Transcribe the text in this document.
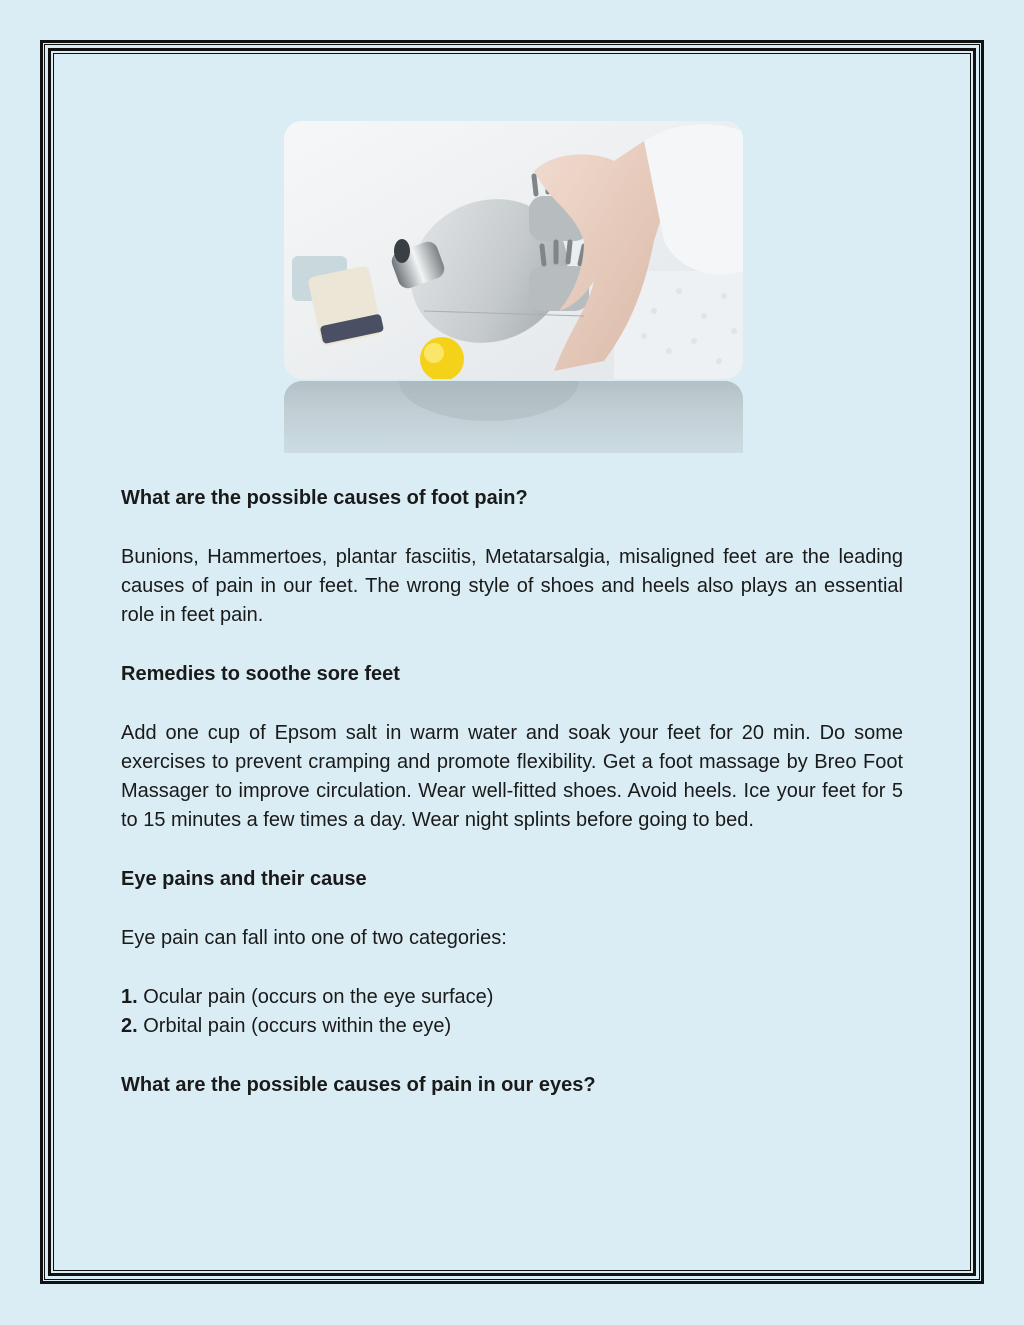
What are the possible causes of foot pain?

Bunions, Hammertoes, plantar fasciitis, Metatarsalgia, misaligned feet are the leading causes of pain in our feet. The wrong style of shoes and heels also plays an essential role in feet pain.

Remedies to soothe sore feet

Add one cup of Epsom salt in warm water and soak your feet for 20 min. Do some exercises to prevent cramping and promote flexibility. Get a foot massage by Breo Foot Massager to improve circulation. Wear well-fitted shoes. Avoid heels. Ice your feet for 5 to 15 minutes a few times a day. Wear night splints before going to bed.

Eye pains and their cause

Eye pain can fall into one of two categories:

1. Ocular pain (occurs on the eye surface)

2. Orbital pain (occurs within the eye)

What are the possible causes of pain in our eyes?
